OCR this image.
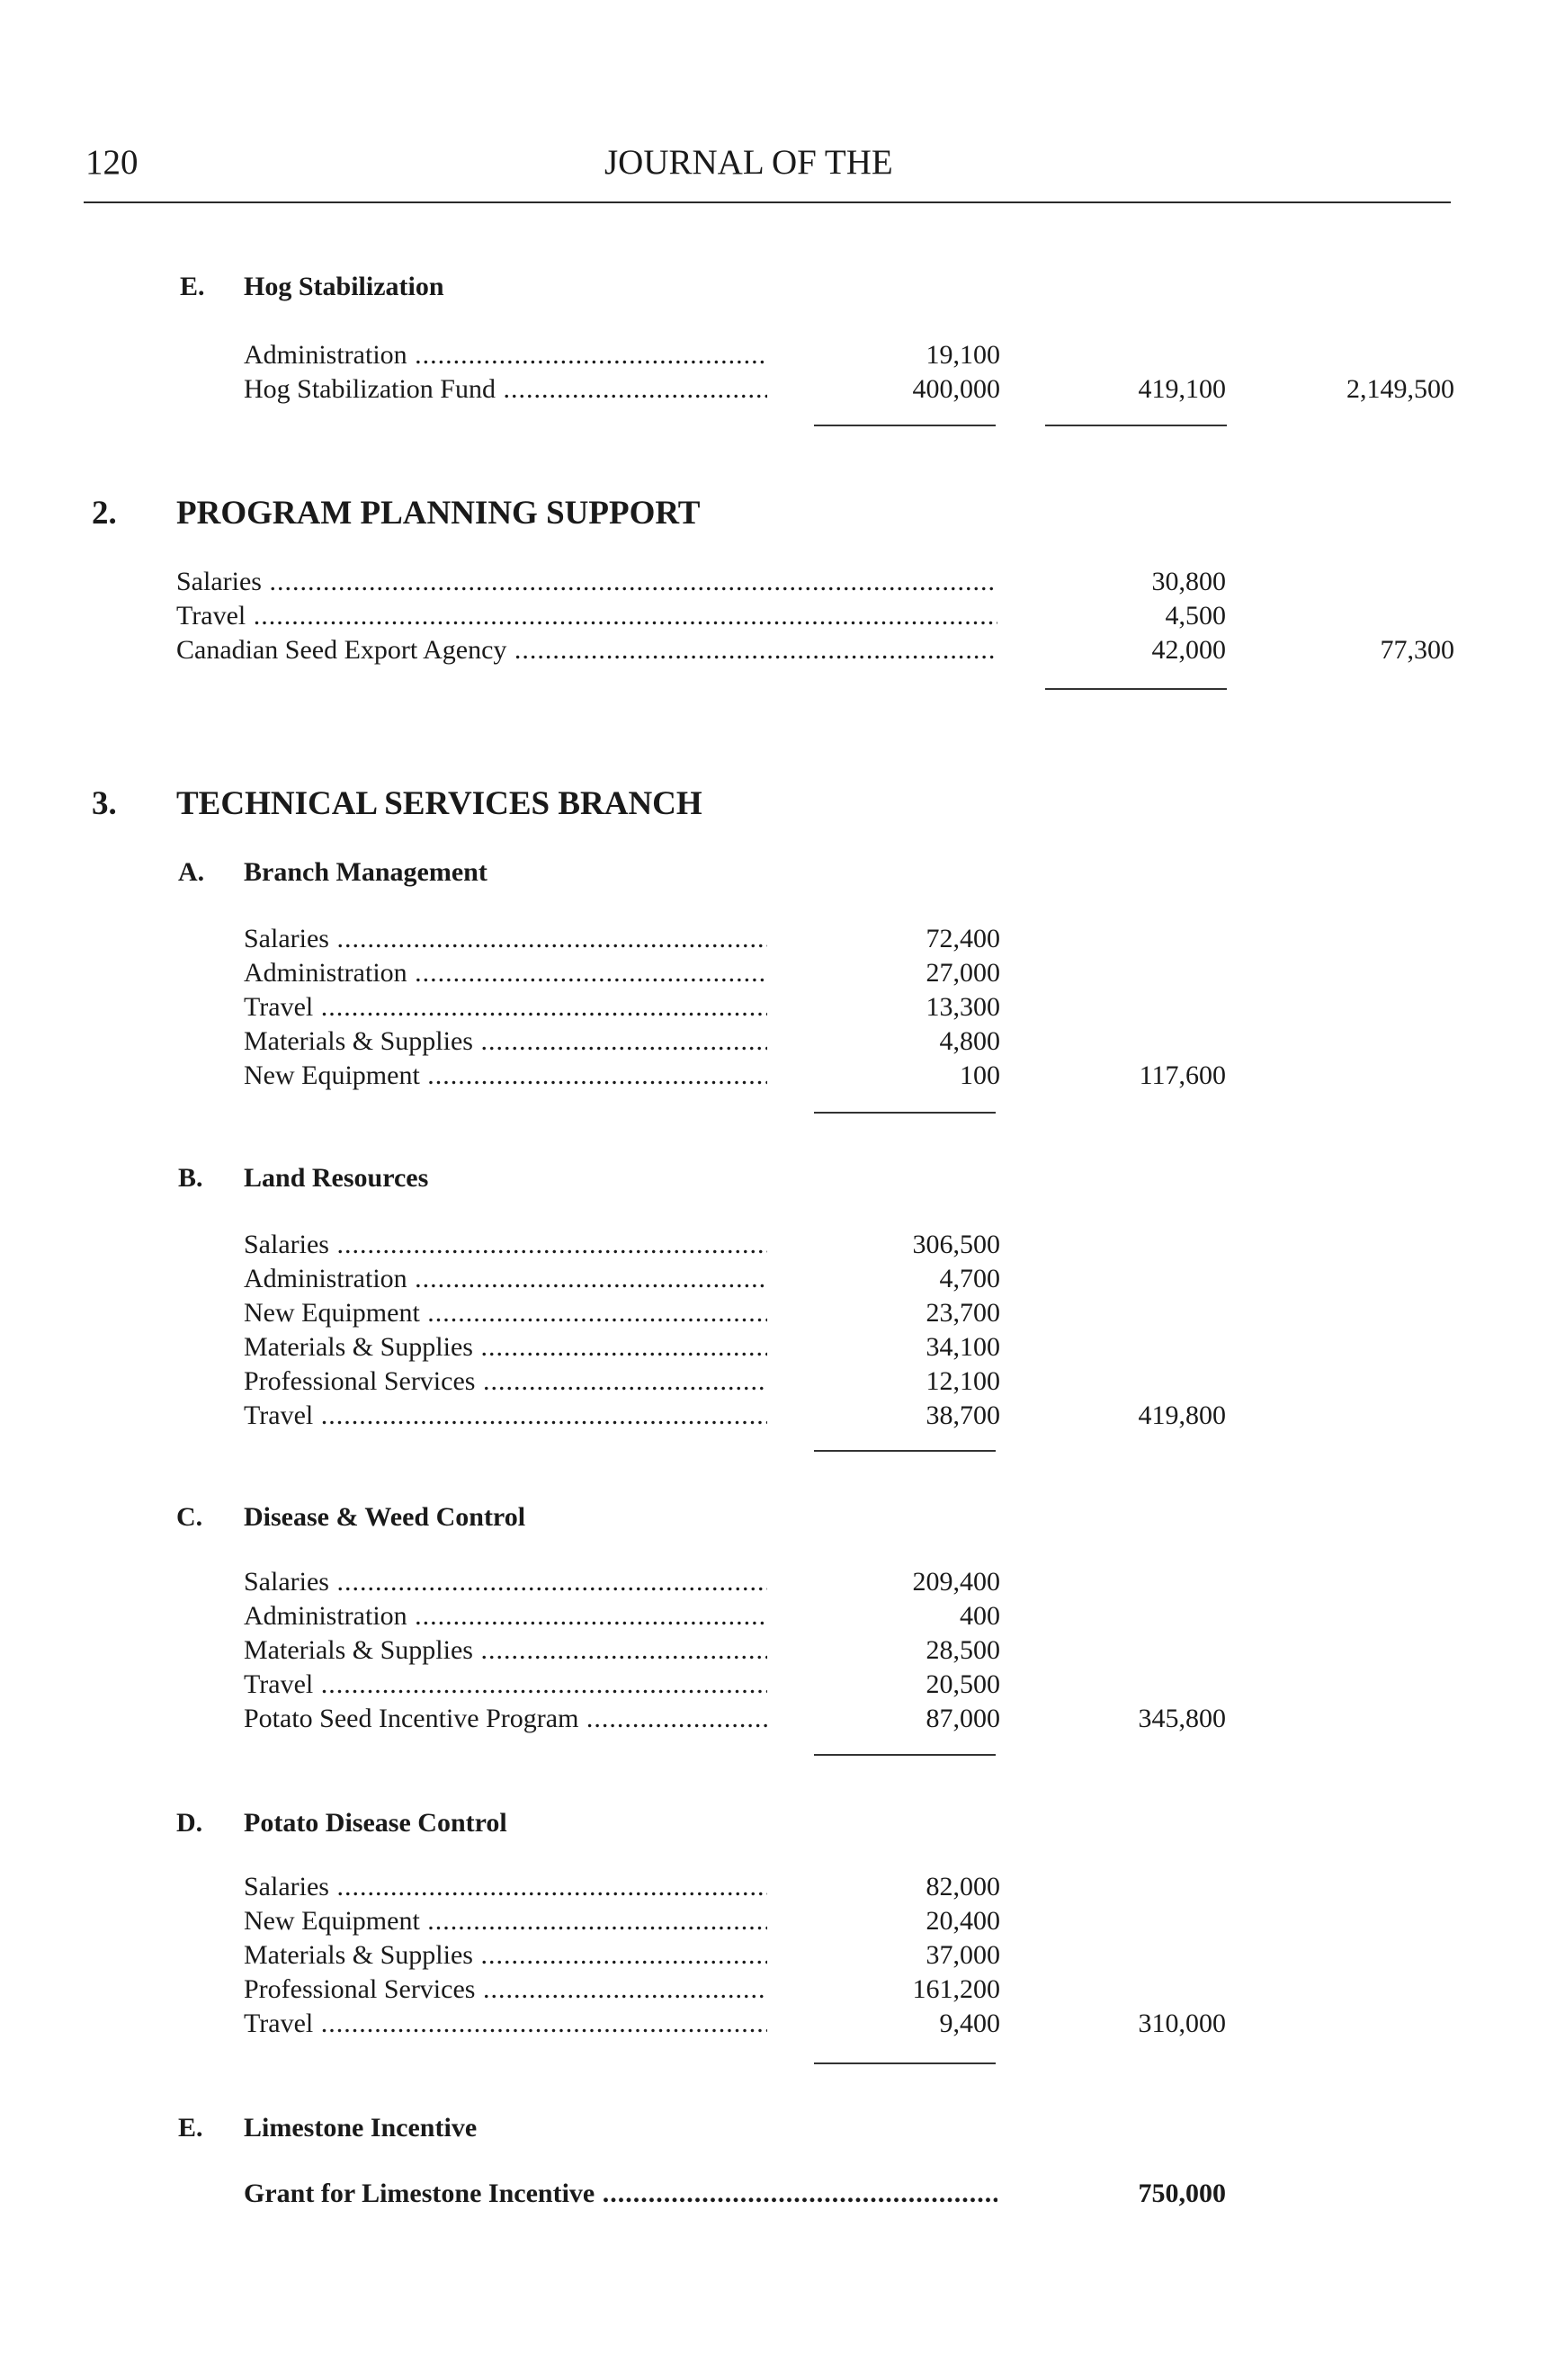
120	JOURNAL OF THE
E. Hog Stabilization
Administration .....	19,100
Hog Stabilization Fund .....	400,000	419,100	2,149,500
2. PROGRAM PLANNING SUPPORT
Salaries .....	30,800
Travel .....	4,500
Canadian Seed Export Agency .....	42,000	77,300
3. TECHNICAL SERVICES BRANCH
A. Branch Management
Salaries .....	72,400
Administration .....	27,000
Travel .....	13,300
Materials & Supplies .....	4,800
New Equipment .....	100	117,600
B. Land Resources
Salaries .....	306,500
Administration .....	4,700
New Equipment .....	23,700
Materials & Supplies .....	34,100
Professional Services .....	12,100
Travel .....	38,700	419,800
C. Disease & Weed Control
Salaries .....	209,400
Administration .....	400
Materials & Supplies .....	28,500
Travel .....	20,500
Potato Seed Incentive Program .....	87,000	345,800
D. Potato Disease Control
Salaries .....	82,000
New Equipment .....	20,400
Materials & Supplies .....	37,000
Professional Services .....	161,200
Travel .....	9,400	310,000
E. Limestone Incentive
Grant for Limestone Incentive .....	750,000
